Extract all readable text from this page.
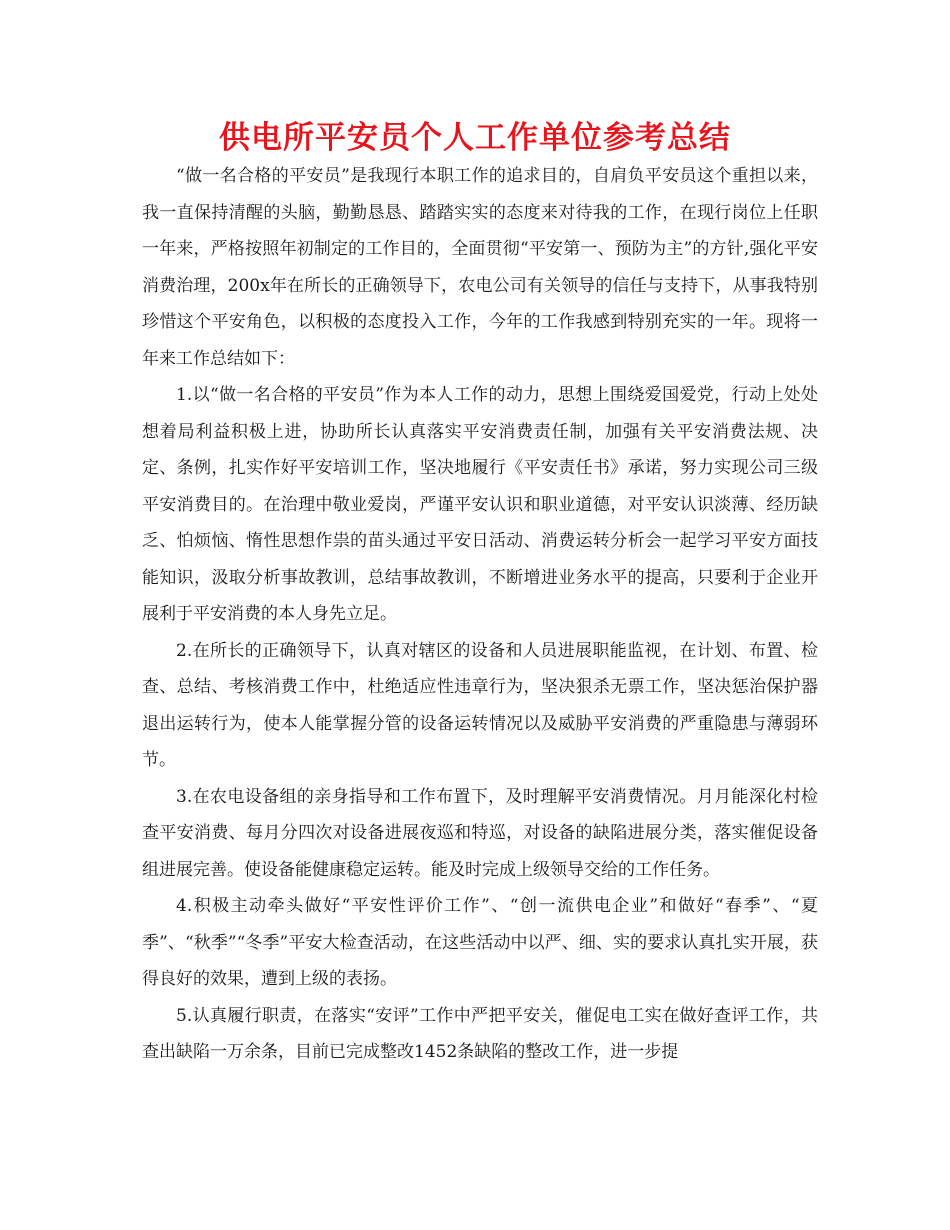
供电所平安员个人工作单位参考总结

“做一名合格的平安员”是我现行本职工作的追求目的，自肩负平安员这个重担以来，我一直保持清醒的头脑，勤勤恳恳、踏踏实实的态度来对待我的工作，在现行岗位上任职一年来，严格按照年初制定的工作目的，全面贯彻“平安第一、预防为主”的方针,强化平安消费治理，200x年在所长的正确领导下，农电公司有关领导的信任与支持下，从事我特别珍惜这个平安角色，以积极的态度投入工作，今年的工作我感到特别充实的一年。现将一年来工作总结如下：

1.以“做一名合格的平安员”作为本人工作的动力，思想上围绕爱国爱党，行动上处处想着局利益积极上进，协助所长认真落实平安消费责任制，加强有关平安消费法规、决定、条例，扎实作好平安培训工作，坚决地履行《平安责任书》承诺，努力实现公司三级平安消费目的。在治理中敬业爱岗，严谨平安认识和职业道德，对平安认识淡薄、经历缺乏、怕烦恼、惰性思想作祟的苗头通过平安日活动、消费运转分析会一起学习平安方面技能知识，汲取分析事故教训，总结事故教训，不断增进业务水平的提高，只要利于企业开展利于平安消费的本人身先立足。

2.在所长的正确领导下，认真对辖区的设备和人员进展职能监视，在计划、布置、检查、总结、考核消费工作中，杜绝适应性违章行为，坚决狠杀无票工作，坚决惩治保护器退出运转行为，使本人能掌握分管的设备运转情况以及威胁平安消费的严重隐患与薄弱环节。

3.在农电设备组的亲身指导和工作布置下，及时理解平安消费情况。月月能深化村检查平安消费、每月分四次对设备进展夜巡和特巡，对设备的缺陷进展分类，落实催促设备组进展完善。使设备能健康稳定运转。能及时完成上级领导交给的工作任务。

4.积极主动牵头做好“平安性评价工作”、“创一流供电企业”和做好“春季”、“夏季”、“秋季”“冬季”平安大检查活动，在这些活动中以严、细、实的要求认真扎实开展，获得良好的效果，遭到上级的表扬。

5.认真履行职责，在落实“安评”工作中严把平安关，催促电工实在做好查评工作，共查出缺陷一万余条，目前已完成整改1452条缺陷的整改工作，进一步提
